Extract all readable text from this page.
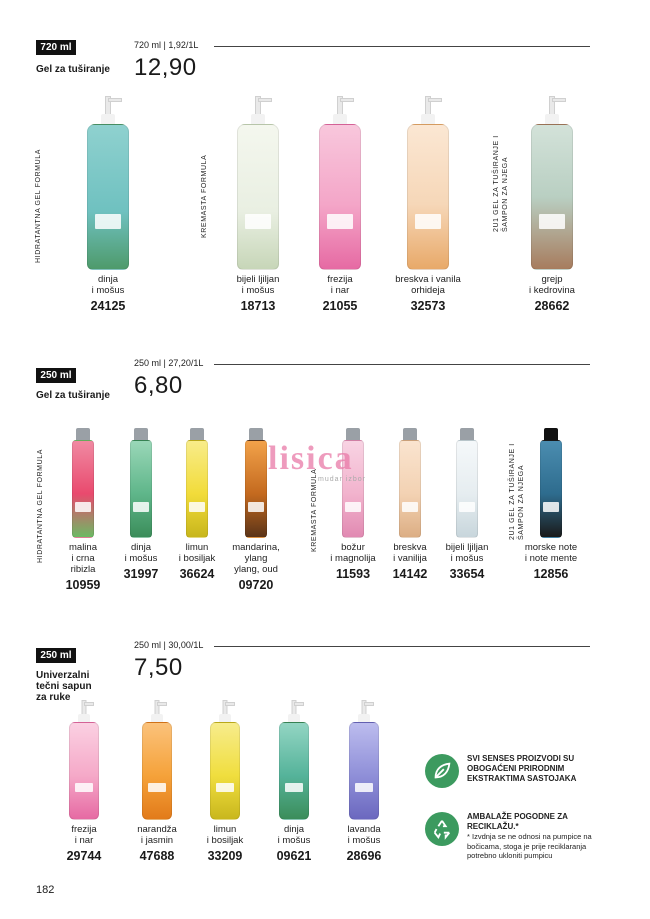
720 ml
Gel za tuširanje
720 ml | 1,92/1L
12,90
HIDRATANTNA GEL FORMULA	KREMASTA FORMULA	2U1 GEL ZA TUŠIRANJE I ŠAMPON ZA NJEGA
dinja
i mošus
24125
bijeli ljiljan
i mošus
18713
frezija
i nar
21055
breskva i vanila
orhideja
32573
grejp
i kedrovina
28662
250 ml
Gel za tuširanje
250 ml | 27,20/1L
6,80
HIDRATANTNA GEL FORMULA	KREMASTA FORMULA	2U1 GEL ZA TUŠIRANJE I ŠAMPON ZA NJEGA
malina
i crna
ribizla
10959
dinja
i mošus
31997
limun
i bosiljak
36624
mandarina,
ylang
ylang, oud
09720
božur
i magnolija
11593
breskva
i vanilija
14142
bijeli ljiljan
i mošus
33654
morske note
i note mente
12856
lisica
mudar izbor
250 ml
Univerzalni
tečni sapun
za ruke
250 ml | 30,00/1L
7,50
frezija
i nar
29744
narandža
i jasmin
47688
limun
i bosiljak
33209
dinja
i mošus
09621
lavanda
i mošus
28696
SVI SENSES PROIZVODI SU OBOGAĆENI PRIRODNIM EKSTRAKTIMA SASTOJAKA
AMBALAŽE POGODNE ZA RECIKLAŽU.*
* Izvdnja se ne odnosi na pumpice na bočicama, stoga je prije reciklaranja potrebno ukloniti pumpicu
182
